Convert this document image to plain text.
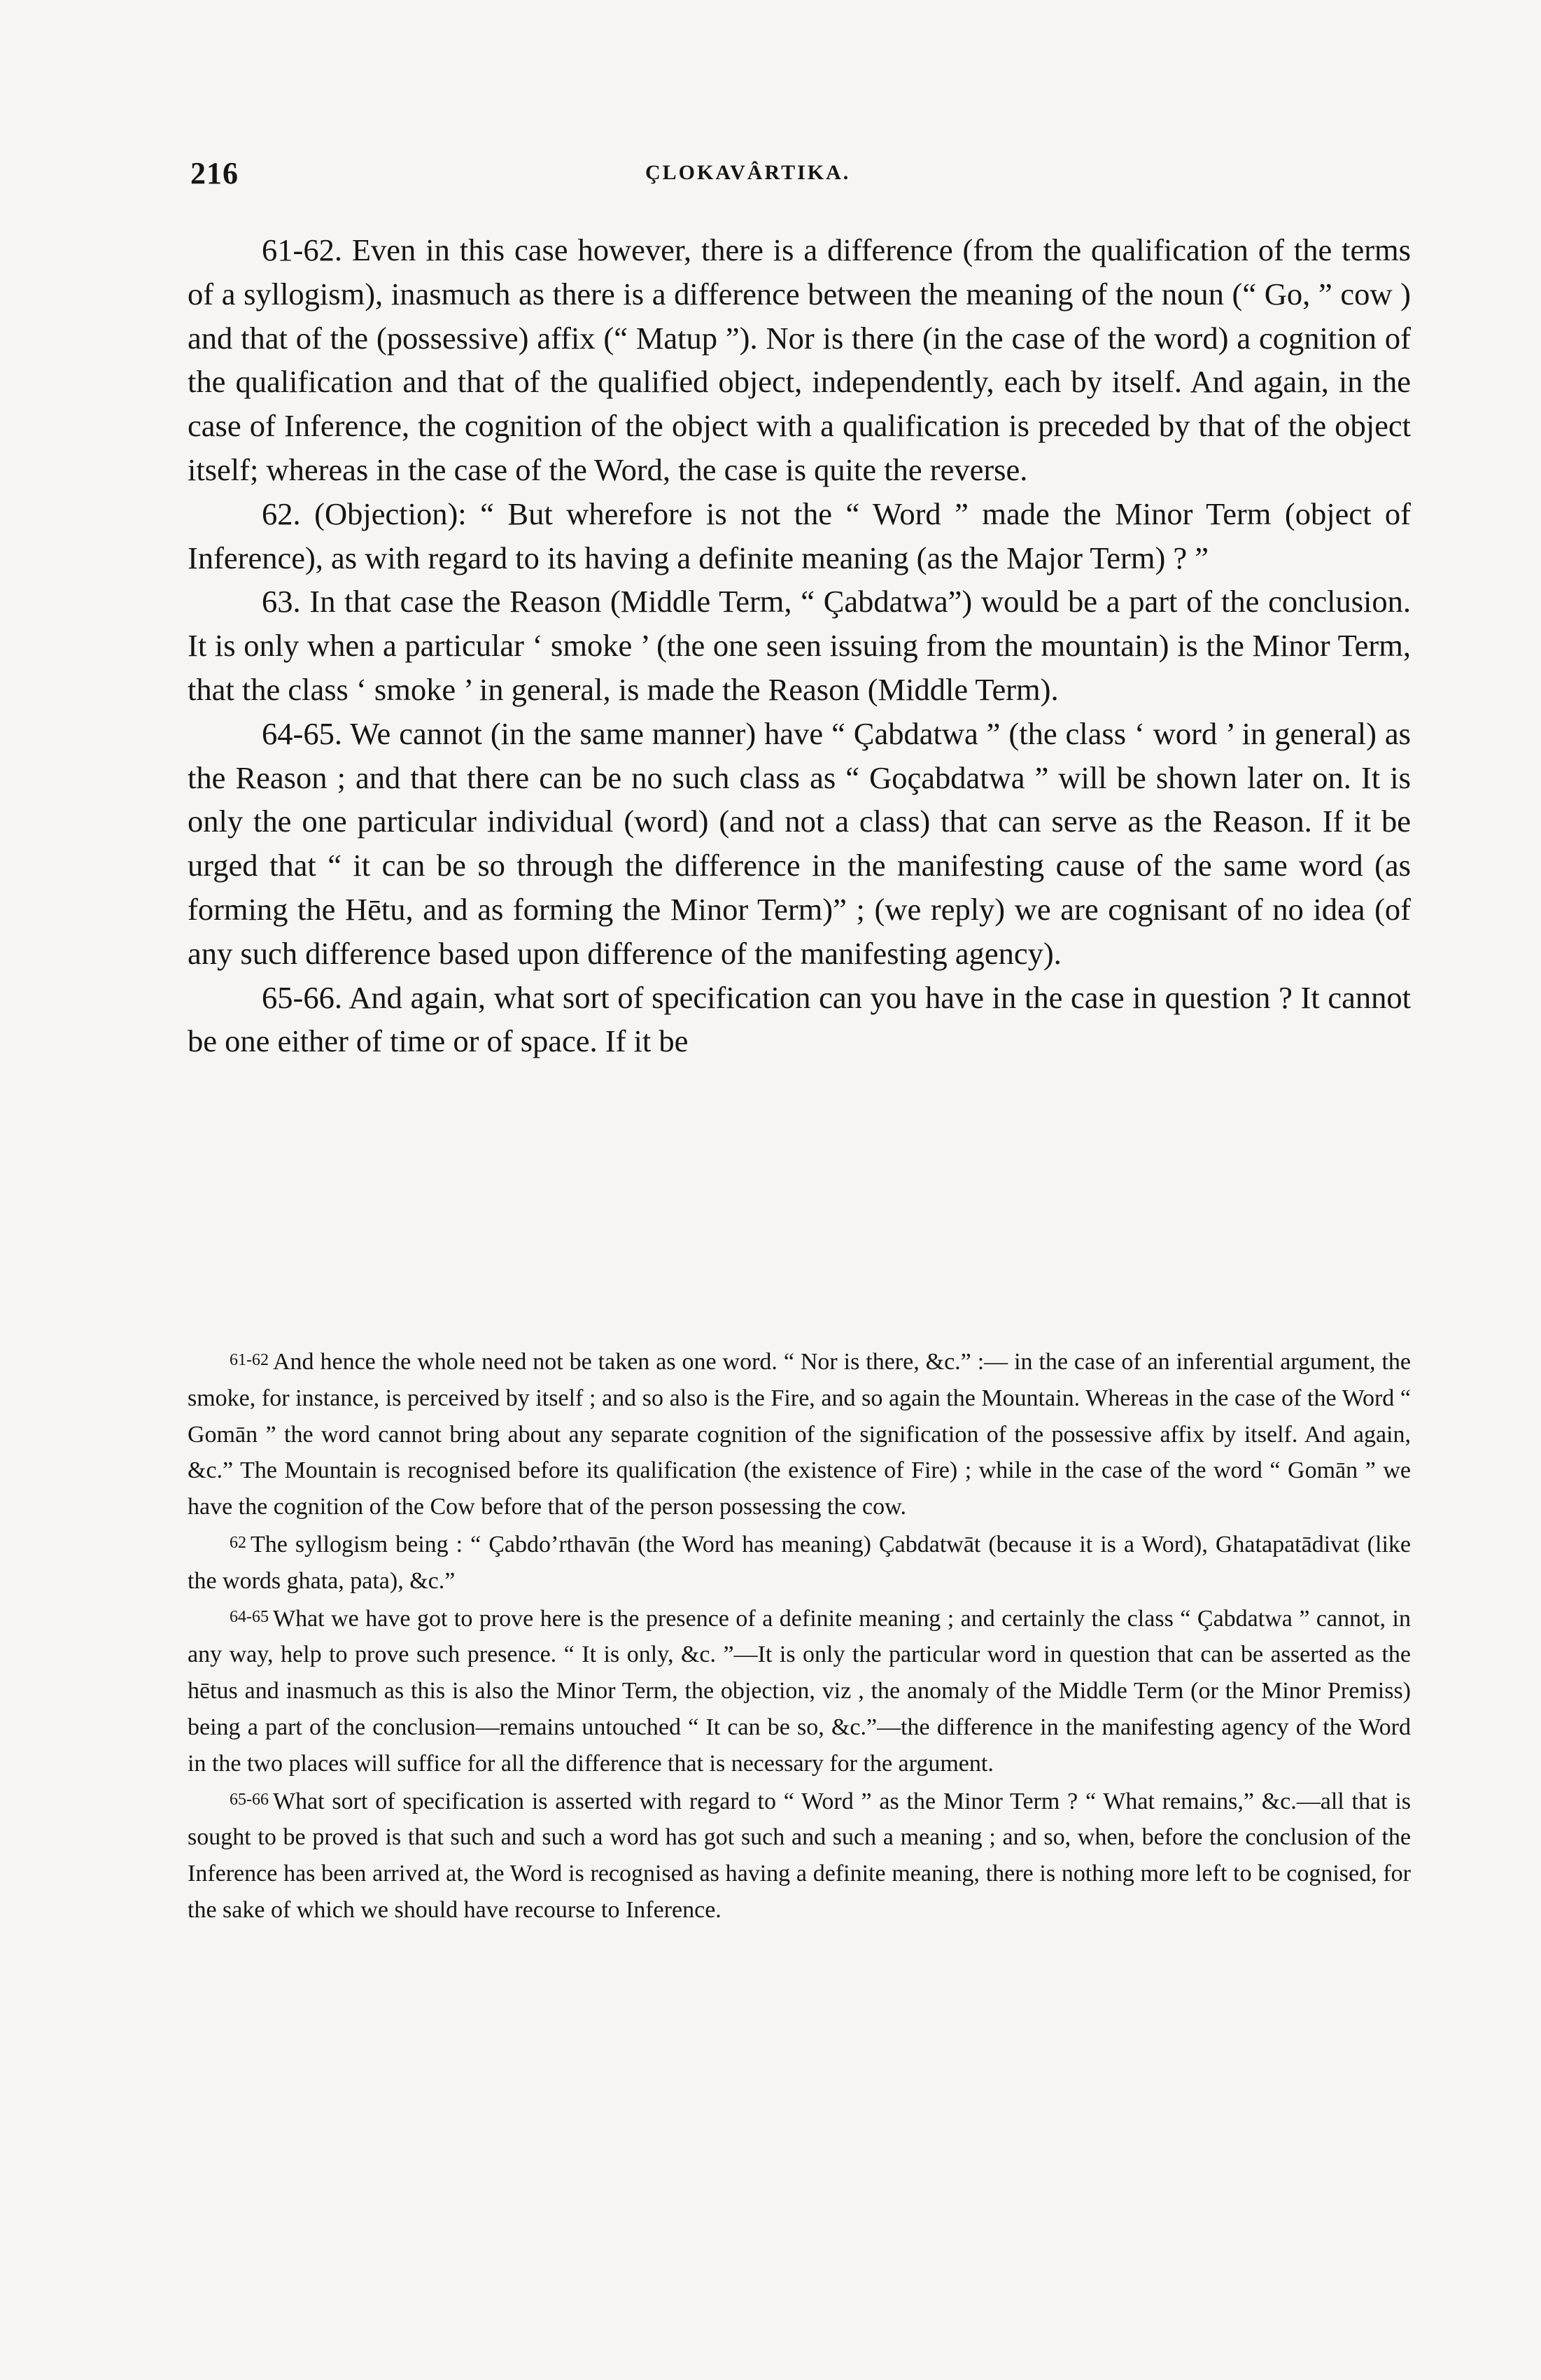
216	ÇLOKAVÂRTIKA.

61-62. Even in this case however, there is a difference (from the qualification of the terms of a syllogism), inasmuch as there is a difference between the meaning of the noun (“ Go, ” cow ) and that of the (possessive) affix (“ Matup ”). Nor is there (in the case of the word) a cognition of the qualification and that of the qualified object, independently, each by itself. And again, in the case of Inference, the cognition of the object with a qualification is preceded by that of the object itself; whereas in the case of the Word, the case is quite the reverse.

62. (Objection): “ But wherefore is not the “ Word ” made the Minor Term (object of Inference), as with regard to its having a definite meaning (as the Major Term) ? ”

63. In that case the Reason (Middle Term, “ Çabdatwa”) would be a part of the conclusion. It is only when a particular ‘ smoke ’ (the one seen issuing from the mountain) is the Minor Term, that the class ‘ smoke ’ in general, is made the Reason (Middle Term).

64-65. We cannot (in the same manner) have “ Çabdatwa ” (the class ‘ word ’ in general) as the Reason ; and that there can be no such class as “ Goçabdatwa ” will be shown later on. It is only the one particular individual (word) (and not a class) that can serve as the Reason. If it be urged that “ it can be so through the difference in the manifesting cause of the same word (as forming the Hētu, and as forming the Minor Term)” ; (we reply) we are cognisant of no idea (of any such difference based upon difference of the manifesting agency).

65-66. And again, what sort of specification can you have in the case in question ? It cannot be one either of time or of space. If it be

61-62 And hence the whole need not be taken as one word. “ Nor is there, &c.” :— in the case of an inferential argument, the smoke, for instance, is perceived by itself ; and so also is the Fire, and so again the Mountain. Whereas in the case of the Word “ Gomān ” the word cannot bring about any separate cognition of the signification of the possessive affix by itself. And again, &c.” The Mountain is recognised before its qualification (the existence of Fire) ; while in the case of the word “ Gomān ” we have the cognition of the Cow before that of the person possessing the cow.

62 The syllogism being : “ Çabdo’rthavān (the Word has meaning) Çabdatwāt (because it is a Word), Ghatapatādivat (like the words ghata, pata), &c.”

64-65 What we have got to prove here is the presence of a definite meaning ; and certainly the class “ Çabdatwa ” cannot, in any way, help to prove such presence. “ It is only, &c. ”—It is only the particular word in question that can be asserted as the hētus and inasmuch as this is also the Minor Term, the objection, viz , the anomaly of the Middle Term (or the Minor Premiss) being a part of the conclusion—remains untouched “ It can be so, &c.”—the difference in the manifesting agency of the Word in the two places will suffice for all the difference that is necessary for the argument.

65-66 What sort of specification is asserted with regard to “ Word ” as the Minor Term ? “ What remains,” &c.—all that is sought to be proved is that such and such a word has got such and such a meaning ; and so, when, before the conclusion of the Inference has been arrived at, the Word is recognised as having a definite meaning, there is nothing more left to be cognised, for the sake of which we should have recourse to Inference.
